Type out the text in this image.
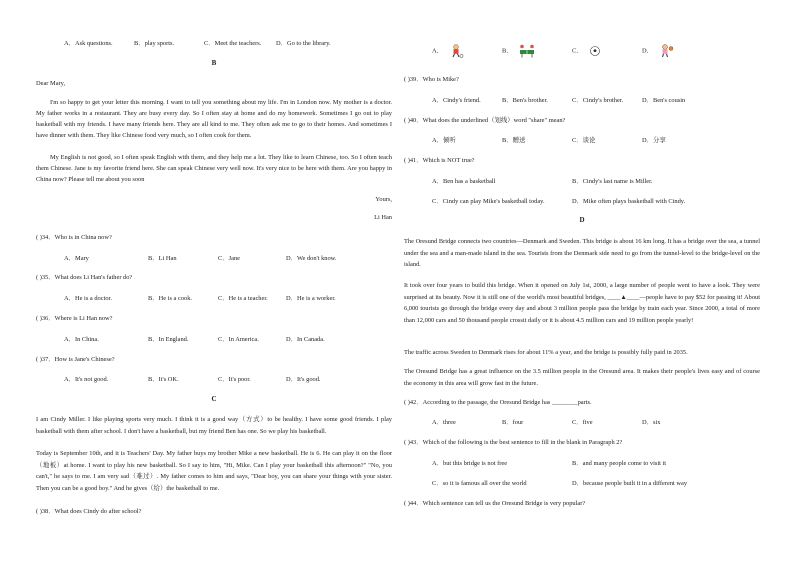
A．Ask questions.	B．play sports.	C．Meet the teachers. D．Go to the library.
B
Dear Mary,
I'm so happy to get your letter this morning. I want to tell you something about my life. I'm in London now. My mother is a doctor. My father works in a restaurant. They are busy every day. So I often stay at home and do my homework. Sometimes I go out to play basketball with my friends. I have many friends here. They are all kind to me. They often ask me to go to their homes. And sometimes I have dinner with them. They like Chinese food very much, so I often cook for them.
My English is not good, so I often speak English with them, and they help me a lot. They like to learn Chinese, too. So I often teach them Chinese. Jane is my favorite friend here. She can speak Chinese very well now. It's very nice to be here with them. Are you happy in China now? Please tell me about you soon
Yours,
Li Han
( )34．Who is in China now?
A．Mary	B．Li Han	C．Jane	D．We don't know.
( )35．What does Li Han's father do?
A．He is a doctor.	B．He is a cook.	C．He is a teacher.	D．He is a worker.
( )36．Where is Li Han now?
A．In China.	B．In England.	C．In America.	D．In Canada.
( )37．How is Jane's Chinese?
A．It's not good.	B．It's OK.	C．It's poor.	D．It's good.
C
I am Cindy Miller. I like playing sports very much. I think it is a good way（方式）to be healthy. I have some good friends. I play basketball with them after school. I don't have a basketball, but my friend Ben has one. So we play his basketball.
Today is September 10th, and it is Teachers' Day. My father buys my brother Mike a new basketball. He is 6. He can play it on the floor（地板）at home. I want to play his new basketball. So I say to him, "Hi, Mike. Can I play your basketball this afternoon?" "No, you can't," he says to me. I am very sad（难过）. My father comes to him and says, "Dear boy, you can share your things with your sister. Then you can be a good boy." And he gives（给）the basketball to me.
( )38．What does Cindy do after school?
A．	B．	C．	D．
( )39．Who is Mike?
A．Cindy's friend.	B．Ben's brother.	C．Cindy's brother.	D．Ben's cousin
( )40．What does the underlined（划线）word "share" mean?
A．倾听	B．赠送	C．谈论	D．分享
( )41．Which is NOT true?
A．Ben has a basketball	B．Cindy's last name is Miller.
C．Cindy can play Mike's basketball today.	D．Mike often plays basketball with Cindy.
D
The Oresund Bridge connects two countries—Denmark and Sweden. This bridge is about 16 km long. It has a bridge over the sea, a tunnel under the sea and a man-made island in the sea. Tourists from the Denmark side need to go from the tunnel-level to the bridge-level on the island.
It took over four years to build this bridge. When it opened on July 1st, 2000, a large number of people went to have a look. They were surprised at its beauty. Now it is still one of the world's most beautiful bridges, ____▲____—people have to pay $52 for passing it! About 6,000 tourists go through the bridge every day and about 3 million people pass the bridge by train each year. Since 2000, a total of more than 12,000 cars and 50 thousand people crossit daily or it is about 4.5 million cars and 19 million people yearly!
The traffic across Sweden to Denmark rises for about 11% a year, and the bridge is possibly fully paid in 2035.
The Oresund Bridge has a great influence on the 3.5 million people in the Oresund area. It makes their people's lives easy and of course the economy in this area will grow fast in the future.
( )42．According to the passage, the Oresund Bridge has ________parts.
A．three	B．four	C．five	D．six
( )43．Which of the following is the best sentence to fill in the blank in Paragraph 2?
A．but this bridge is not free	B．and many people come to visit it
C．so it is famous all over the world	D．because people built it in a different way
( )44．Which sentence can tell us the Oresund Bridge is very popular?
